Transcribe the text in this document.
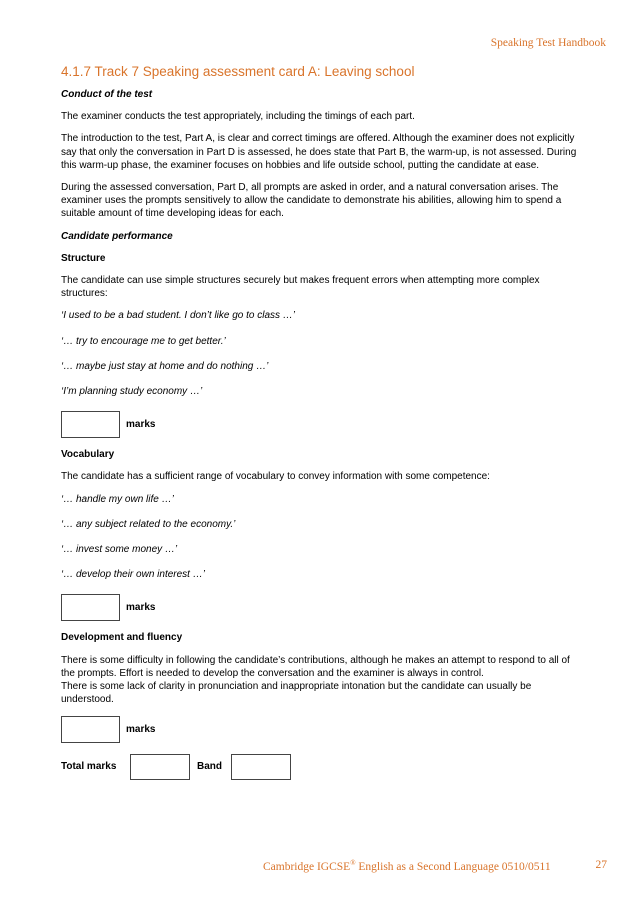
Speaking Test Handbook
4.1.7 Track 7 Speaking assessment card A: Leaving school

Conduct of the test

The examiner conducts the test appropriately, including the timings of each part.

The introduction to the test, Part A, is clear and correct timings are offered. Although the examiner does not explicitly say that only the conversation in Part D is assessed, he does state that Part B, the warm-up, is not assessed. During this warm-up phase, the examiner focuses on hobbies and life outside school, putting the candidate at ease.

During the assessed conversation, Part D, all prompts are asked in order, and a natural conversation arises. The examiner uses the prompts sensitively to allow the candidate to demonstrate his abilities, allowing him to spend a suitable amount of time developing ideas for each.

Candidate performance

Structure

The candidate can use simple structures securely but makes frequent errors when attempting more complex structures:

‘I used to be a bad student. I don’t like go to class …’

‘… try to encourage me to get better.’

‘… maybe just stay at home and do nothing …’

‘I’m planning study economy …’

marks

Vocabulary

The candidate has a sufficient range of vocabulary to convey information with some competence:

‘… handle my own life …’

‘… any subject related to the economy.’

‘… invest some money …’

‘… develop their own interest …’

marks

Development and fluency

There is some difficulty in following the candidate’s contributions, although he makes an attempt to respond to all of the prompts. Effort is needed to develop the conversation and the examiner is always in control.

There is some lack of clarity in pronunciation and inappropriate intonation but the candidate can usually be understood.

marks
Total marks	Band
Cambridge IGCSE® English as a Second Language 0510/0511	27
